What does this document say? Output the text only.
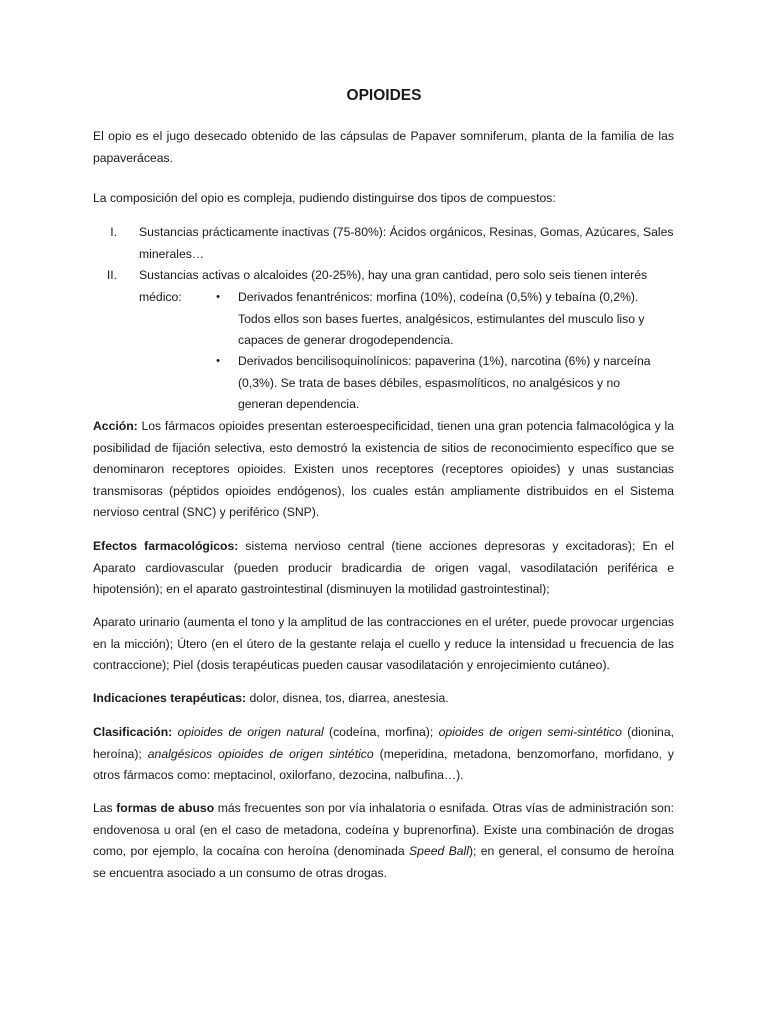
OPIOIDES

El opio es el jugo desecado obtenido de las cápsulas de Papaver somniferum, planta de la familia de las papaveráceas.

La composición del opio es compleja, pudiendo distinguirse dos tipos de compuestos:

I. Sustancias prácticamente inactivas (75-80%): Ácidos orgánicos, Resinas, Gomas, Azúcares, Sales minerales…
II. Sustancias activas o alcaloides (20-25%), hay una gran cantidad, pero solo seis tienen interés médico:	•	Derivados fenantrénicos: morfina (10%), codeína (0,5%) y tebaína (0,2%). Todos ellos son bases fuertes, analgésicos, estimulantes del musculo liso y capaces de generar drogodependencia.
•	Derivados bencilisoquinolínicos: papaverina (1%), narcotina (6%) y narceína (0,3%). Se trata de bases débiles, espasmolíticos, no analgésicos y no generan dependencia.

Acción: Los fármacos opioides presentan esteroespecificidad, tienen una gran potencia falmacológica y la posibilidad de fijación selectiva, esto demostró la existencia de sitios de reconocimiento específico que se denominaron receptores opioides. Existen unos receptores (receptores opioides) y unas sustancias transmisoras (péptidos opioides endógenos), los cuales están ampliamente distribuidos en el Sistema nervioso central (SNC) y periférico (SNP).

Efectos farmacológicos: sistema nervioso central (tiene acciones depresoras y excitadoras); En el Aparato cardiovascular (pueden producir bradicardia de origen vagal, vasodilatación periférica e hipotensión); en el aparato gastrointestinal (disminuyen la motilidad gastrointestinal);

Aparato urinario (aumenta el tono y la amplitud de las contracciones en el uréter, puede provocar urgencias en la micción); Útero (en el útero de la gestante relaja el cuello y reduce la intensidad u frecuencia de las contraccione); Piel (dosis terapéuticas pueden causar vasodilatación y enrojecimiento cutáneo).

Indicaciones terapéuticas: dolor, disnea, tos, diarrea, anestesia.

Clasificación: opioides de origen natural (codeína, morfina); opioides de origen semi-sintético (dionina, heroína); analgésicos opioides de origen sintético (meperidina, metadona, benzomorfano, morfidano, y otros fármacos como: meptacinol, oxilorfano, dezocina, nalbufina…).

Las formas de abuso más frecuentes son por vía inhalatoria o esnifada. Otras vías de administración son: endovenosa u oral (en el caso de metadona, codeína y buprenorfina). Existe una combinación de drogas como, por ejemplo, la cocaína con heroína (denominada Speed Ball); en general, el consumo de heroína se encuentra asociado a un consumo de otras drogas.
